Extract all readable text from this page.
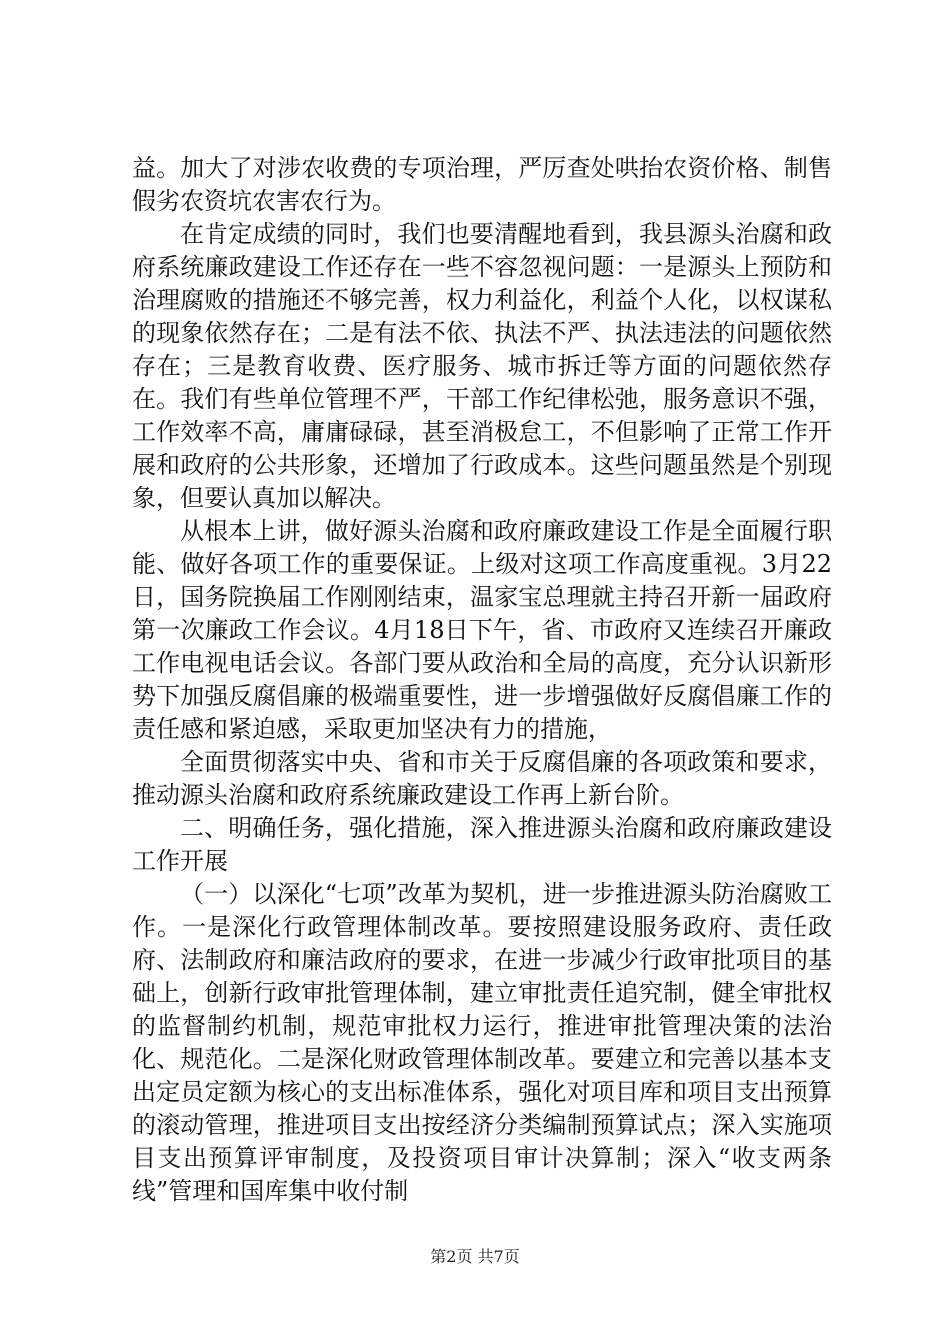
益。加大了对涉农收费的专项治理，严厉查处哄抬农资价格、制售假劣农资坑农害农行为。

在肯定成绩的同时，我们也要清醒地看到，我县源头治腐和政府系统廉政建设工作还存在一些不容忽视问题：一是源头上预防和治理腐败的措施还不够完善，权力利益化，利益个人化，以权谋私的现象依然存在；二是有法不依、执法不严、执法违法的问题依然存在；三是教育收费、医疗服务、城市拆迁等方面的问题依然存在。我们有些单位管理不严，干部工作纪律松弛，服务意识不强，工作效率不高，庸庸碌碌，甚至消极怠工，不但影响了正常工作开展和政府的公共形象，还增加了行政成本。这些问题虽然是个别现象，但要认真加以解决。

从根本上讲，做好源头治腐和政府廉政建设工作是全面履行职能、做好各项工作的重要保证。上级对这项工作高度重视。3月22日，国务院换届工作刚刚结束，温家宝总理就主持召开新一届政府第一次廉政工作会议。4月18日下午，省、市政府又连续召开廉政工作电视电话会议。各部门要从政治和全局的高度，充分认识新形势下加强反腐倡廉的极端重要性，进一步增强做好反腐倡廉工作的责任感和紧迫感，采取更加坚决有力的措施，

全面贯彻落实中央、省和市关于反腐倡廉的各项政策和要求，推动源头治腐和政府系统廉政建设工作再上新台阶。

二、明确任务，强化措施，深入推进源头治腐和政府廉政建设工作开展

（一）以深化“七项”改革为契机，进一步推进源头防治腐败工作。一是深化行政管理体制改革。要按照建设服务政府、责任政府、法制政府和廉洁政府的要求，在进一步减少行政审批项目的基础上，创新行政审批管理体制，建立审批责任追究制，健全审批权的监督制约机制，规范审批权力运行，推进审批管理决策的法治化、规范化。二是深化财政管理体制改革。要建立和完善以基本支出定员定额为核心的支出标准体系，强化对项目库和项目支出预算的滚动管理，推进项目支出按经济分类编制预算试点；深入实施项目支出预算评审制度，及投资项目审计决算制；深入“收支两条线”管理和国库集中收付制

第2页 共7页
